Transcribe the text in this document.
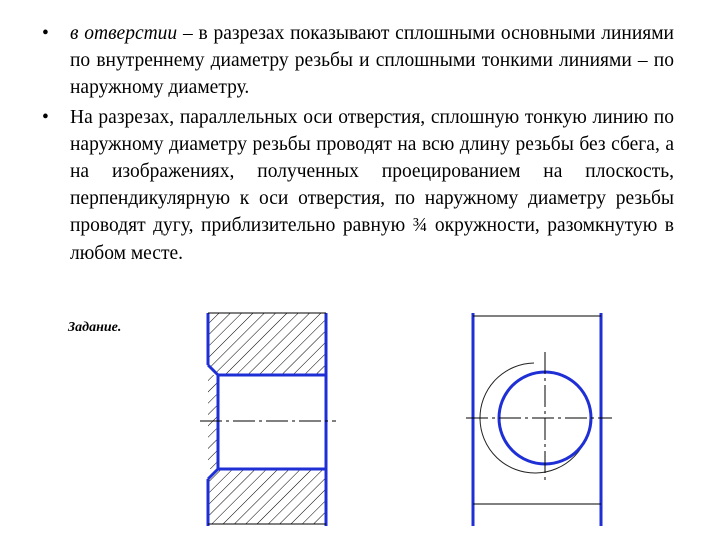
• в отверстии – в разрезах показывают сплошными основными линиями по внутреннему диаметру резьбы и сплошными тонкими линиями – по наружному диаметру.
• На разрезах, параллельных оси отверстия, сплошную тонкую линию по наружному диаметру резьбы проводят на всю длину резьбы без сбега, а на изображениях, полученных проецированием на плоскость, перпендикулярную к оси отверстия, по наружному диаметру резьбы проводят дугу, приблизительно равную ¾ окружности, разомкнутую в любом месте.
Задание.
